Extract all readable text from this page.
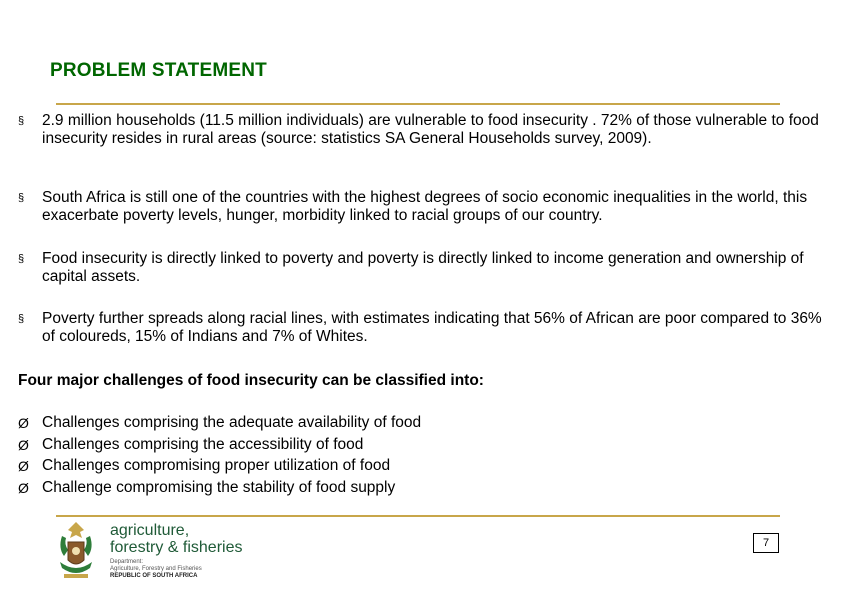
PROBLEM STATEMENT
§ 2.9 million households (11.5 million individuals) are vulnerable to food insecurity . 72% of those vulnerable to food insecurity resides in rural areas (source: statistics SA General Households survey, 2009).
§ South Africa is still one of the countries with the highest degrees of socio economic inequalities in the world, this exacerbate poverty levels, hunger, morbidity linked to racial groups of our country.
§ Food insecurity is directly linked to poverty and poverty is directly linked to income generation and ownership of capital assets.
§ Poverty further spreads along racial lines, with estimates indicating that 56% of African are poor compared to 36% of coloureds, 15% of Indians and 7% of Whites.
Four major challenges of food insecurity can be classified into:
Ø Challenges comprising the adequate availability of food
Ø Challenges comprising the accessibility of food
Ø Challenges compromising proper utilization of food
Ø Challenge compromising the stability of food supply
agriculture,
forestry & fisheries
Department:
Agriculture, Forestry and Fisheries
REPUBLIC OF SOUTH AFRICA
7
